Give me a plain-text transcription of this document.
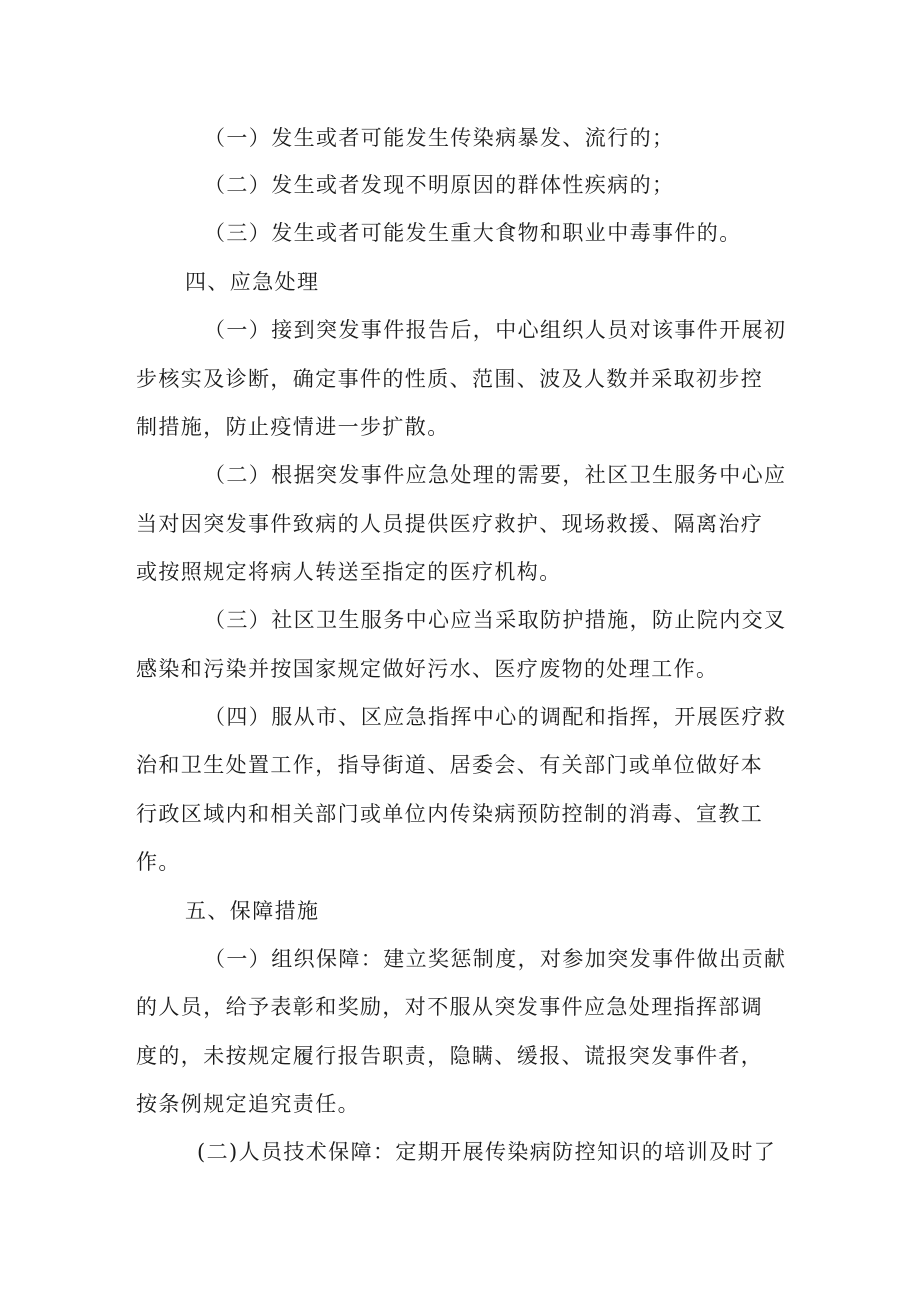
（一）发生或者可能发生传染病暴发、流行的；
（二）发生或者发现不明原因的群体性疾病的；
（三）发生或者可能发生重大食物和职业中毒事件的。
四、应急处理
（一）接到突发事件报告后，中心组织人员对该事件开展初
步核实及诊断，确定事件的性质、范围、波及人数并采取初步控
制措施，防止疫情进一步扩散。
（二）根据突发事件应急处理的需要，社区卫生服务中心应
当对因突发事件致病的人员提供医疗救护、现场救援、隔离治疗
或按照规定将病人转送至指定的医疗机构。
（三）社区卫生服务中心应当采取防护措施，防止院内交叉
感染和污染并按国家规定做好污水、医疗废物的处理工作。
（四）服从市、区应急指挥中心的调配和指挥，开展医疗救
治和卫生处置工作，指导街道、居委会、有关部门或单位做好本
行政区域内和相关部门或单位内传染病预防控制的消毒、宣教工
作。
五、保障措施
（一）组织保障：建立奖惩制度，对参加突发事件做出贡献
的人员，给予表彰和奖励，对不服从突发事件应急处理指挥部调
度的，未按规定履行报告职责，隐瞒、缓报、谎报突发事件者，
按条例规定追究责任。
(二)人员技术保障：定期开展传染病防控知识的培训及时了
